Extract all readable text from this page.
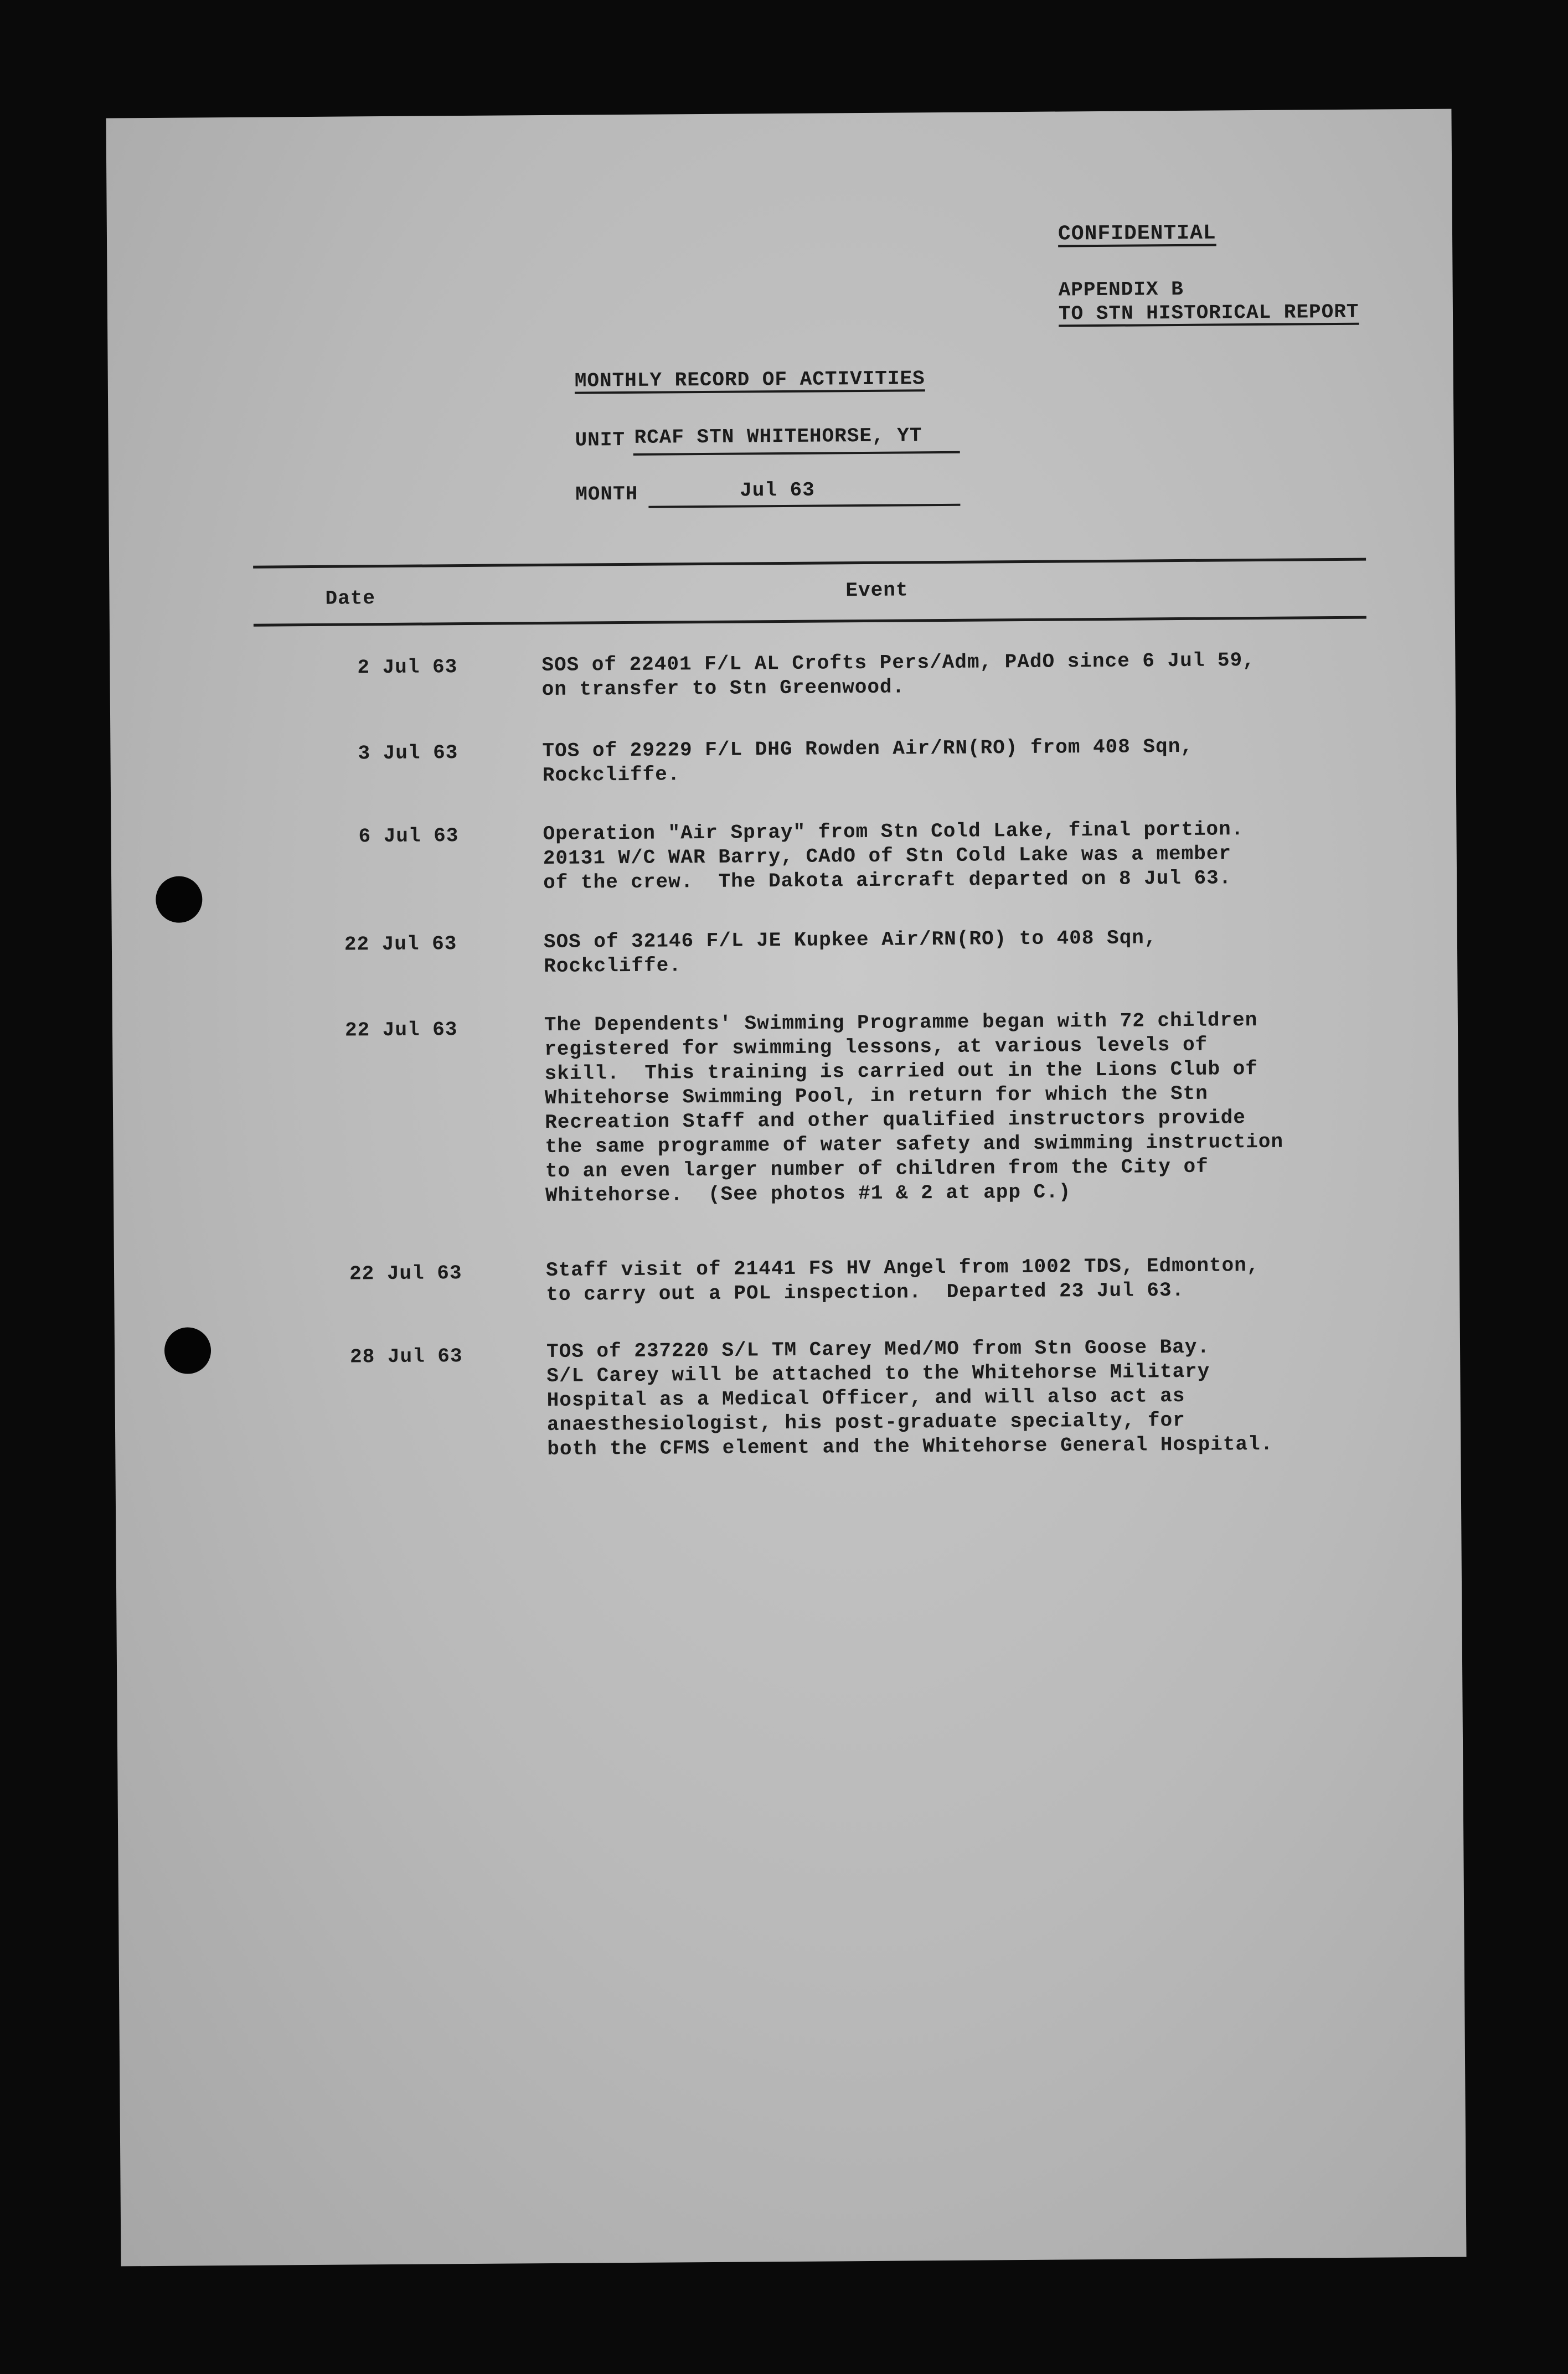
CONFIDENTIAL
APPENDIX B
TO STN HISTORICAL REPORT
MONTHLY RECORD OF ACTIVITIES
UNIT RCAF STN WHITEHORSE, YT
MONTH	Jul 63
Date	Event
2 Jul 63	SOS of 22401 F/L AL Crofts Pers/Adm, PAdO since 6 Jul 59,
on transfer to Stn Greenwood.
3 Jul 63	TOS of 29229 F/L DHG Rowden Air/RN(RO) from 408 Sqn,
Rockcliffe.
6 Jul 63	Operation "Air Spray" from Stn Cold Lake, final portion.
20131 W/C WAR Barry, CAdO of Stn Cold Lake was a member
of the crew.  The Dakota aircraft departed on 8 Jul 63.
22 Jul 63	SOS of 32146 F/L JE Kupkee Air/RN(RO) to 408 Sqn,
Rockcliffe.
22 Jul 63	The Dependents' Swimming Programme began with 72 children
registered for swimming lessons, at various levels of
skill.  This training is carried out in the Lions Club of
Whitehorse Swimming Pool, in return for which the Stn
Recreation Staff and other qualified instructors provide
the same programme of water safety and swimming instruction
to an even larger number of children from the City of
Whitehorse.  (See photos #1 & 2 at app C.)
22 Jul 63	Staff visit of 21441 FS HV Angel from 1002 TDS, Edmonton,
to carry out a POL inspection.  Departed 23 Jul 63.
28 Jul 63	TOS of 237220 S/L TM Carey Med/MO from Stn Goose Bay.
S/L Carey will be attached to the Whitehorse Military
Hospital as a Medical Officer, and will also act as
anaesthesiologist, his post-graduate specialty, for
both the CFMS element and the Whitehorse General Hospital.
